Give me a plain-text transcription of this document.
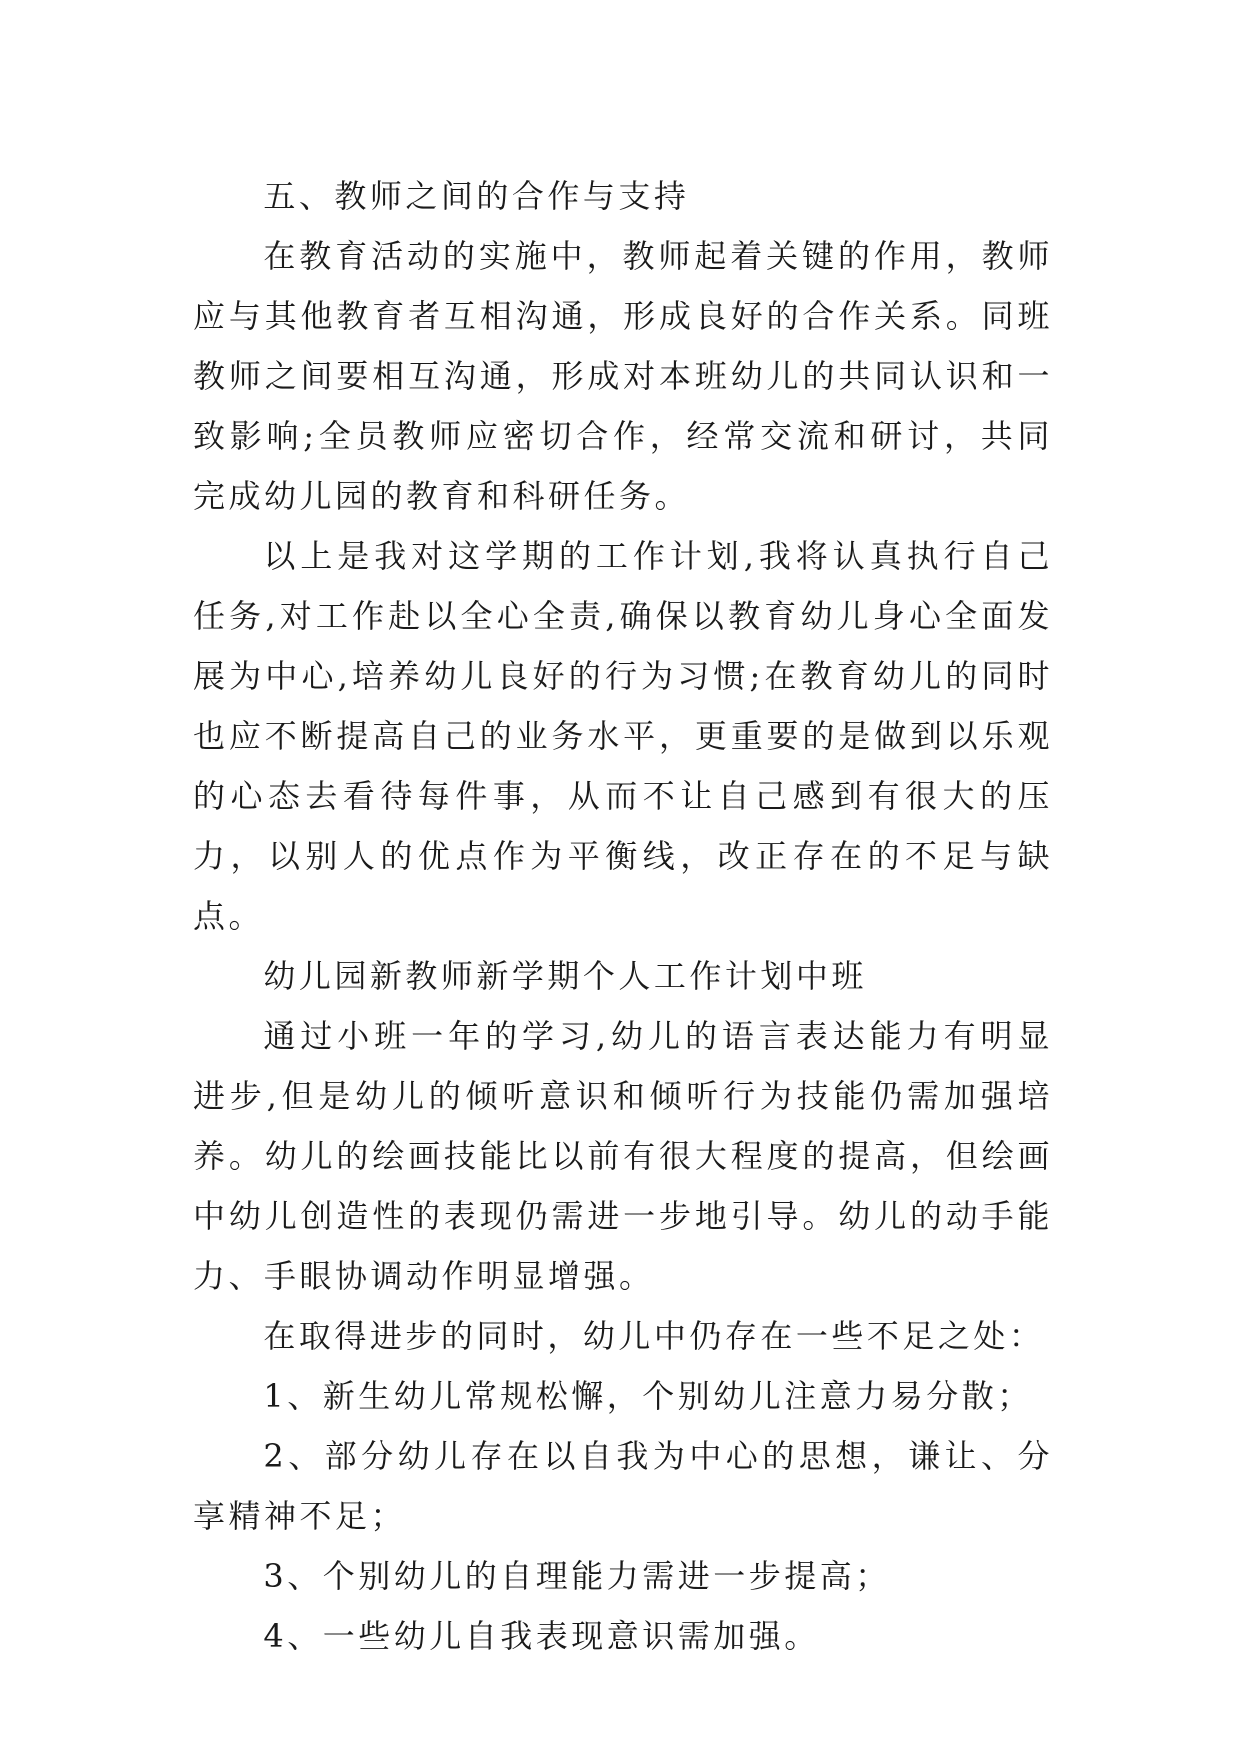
五、教师之间的合作与支持

在教育活动的实施中，教师起着关键的作用，教师应与其他教育者互相沟通，形成良好的合作关系。同班教师之间要相互沟通，形成对本班幼儿的共同认识和一致影响;全员教师应密切合作，经常交流和研讨，共同完成幼儿园的教育和科研任务。

以上是我对这学期的工作计划,我将认真执行自己任务,对工作赴以全心全责,确保以教育幼儿身心全面发展为中心,培养幼儿良好的行为习惯;在教育幼儿的同时也应不断提高自己的业务水平，更重要的是做到以乐观的心态去看待每件事，从而不让自己感到有很大的压力，以别人的优点作为平衡线，改正存在的不足与缺点。

幼儿园新教师新学期个人工作计划中班

通过小班一年的学习,幼儿的语言表达能力有明显进步,但是幼儿的倾听意识和倾听行为技能仍需加强培养。幼儿的绘画技能比以前有很大程度的提高，但绘画中幼儿创造性的表现仍需进一步地引导。幼儿的动手能力、手眼协调动作明显增强。

在取得进步的同时，幼儿中仍存在一些不足之处：

1、新生幼儿常规松懈，个别幼儿注意力易分散；

2、部分幼儿存在以自我为中心的思想，谦让、分享精神不足；

3、个别幼儿的自理能力需进一步提高；

4、一些幼儿自我表现意识需加强。
